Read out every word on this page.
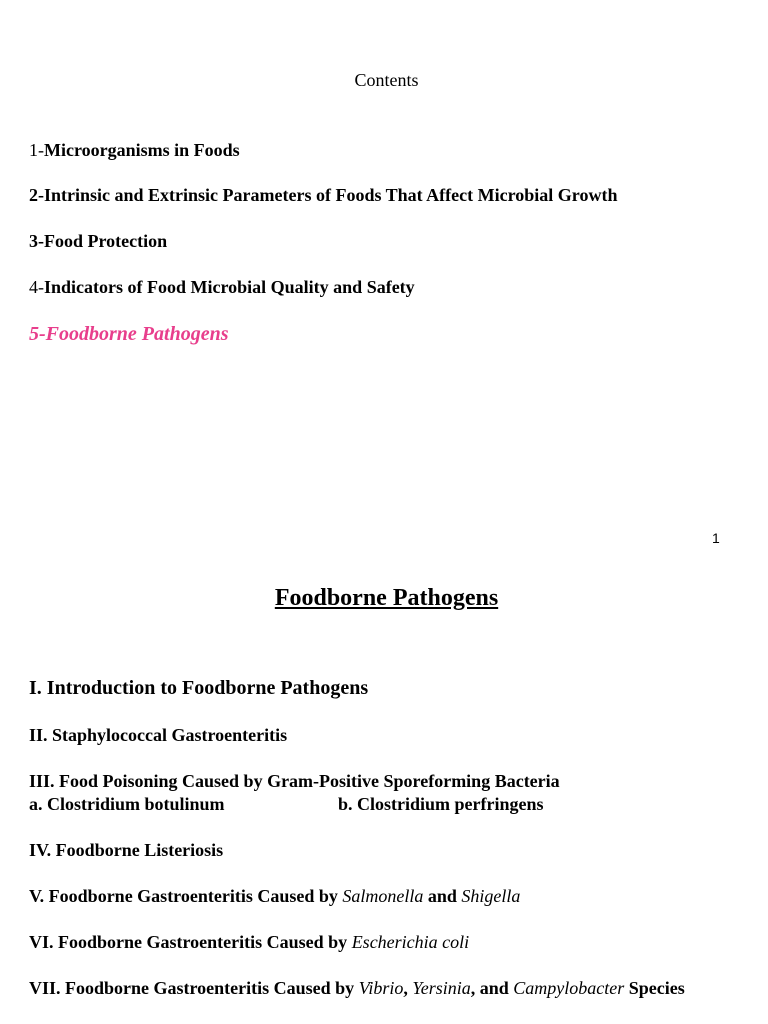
Contents
1-Microorganisms in Foods
2-Intrinsic and Extrinsic Parameters of Foods That Affect Microbial Growth
3-Food Protection
4-Indicators of Food Microbial Quality and Safety
5-Foodborne Pathogens
1
Foodborne Pathogens
I. Introduction to Foodborne Pathogens
II. Staphylococcal Gastroenteritis
III. Food Poisoning Caused by Gram-Positive Sporeforming Bacteria
a. Clostridium botulinum	b. Clostridium perfringens
IV. Foodborne Listeriosis
V. Foodborne Gastroenteritis Caused by Salmonella and Shigella
VI. Foodborne Gastroenteritis Caused by Escherichia coli
VII. Foodborne Gastroenteritis Caused by Vibrio, Yersinia, and Campylobacter Species
